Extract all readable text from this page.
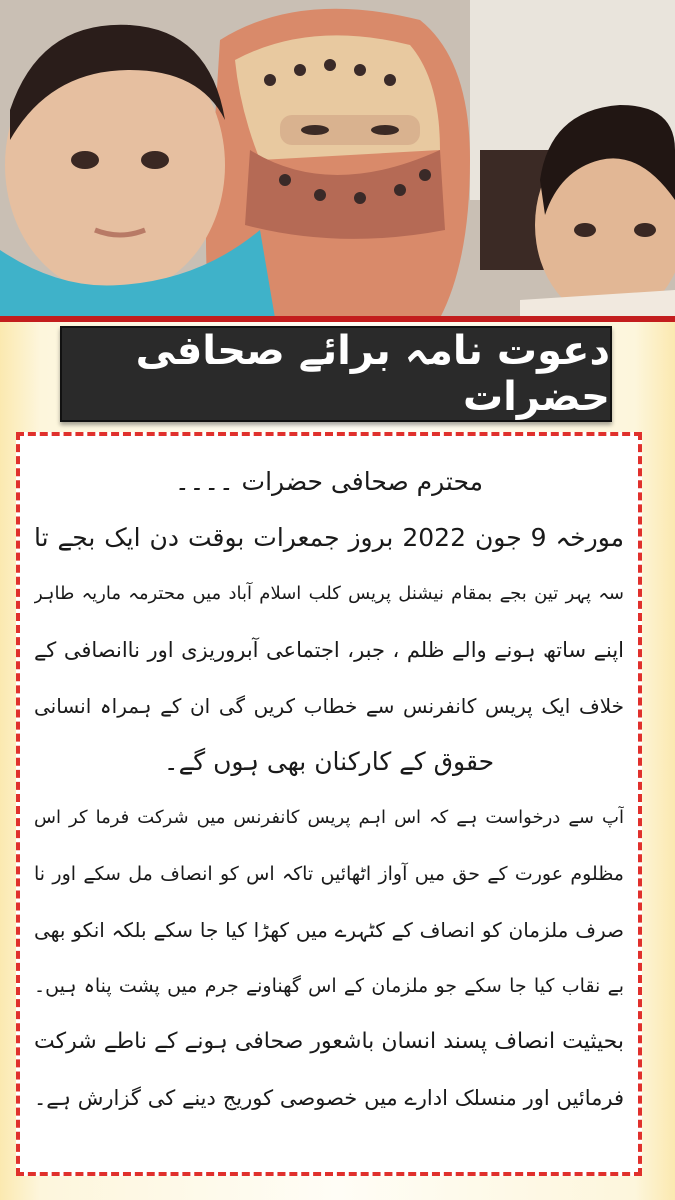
دعوت نامہ برائے صحافی حضرات
محترم صحافی حضرات ۔۔۔۔
مورخہ 9 جون 2022 بروز جمعرات بوقت دن ایک بجے تا
سہ پہر تین بجے بمقام نیشنل پریس کلب اسلام آباد میں محترمہ ماریہ طاہر
اپنے ساتھ ہونے والے ظلم ، جبر، اجتماعی آبروریزی اور ناانصافی کے
خلاف ایک پریس کانفرنس سے خطاب کریں گی ان کے ہمراہ انسانی
حقوق کے کارکنان بھی ہوں گے۔
آپ سے درخواست ہے کہ اس اہم پریس کانفرنس میں شرکت فرما کر اس
مظلوم عورت کے حق میں آواز اٹھائیں تاکہ اس کو انصاف مل سکے اور نا
صرف ملزمان کو انصاف کے کٹہرے میں کھڑا کیا جا سکے بلکہ انکو بھی
بے نقاب کیا جا سکے جو ملزمان کے اس گھناونے جرم میں پشت پناہ ہیں۔
بحیثیت انصاف پسند انسان باشعور صحافی ہونے کے ناطے شرکت
فرمائیں اور منسلک ادارے میں خصوصی کوریج دینے کی گزارش ہے۔
